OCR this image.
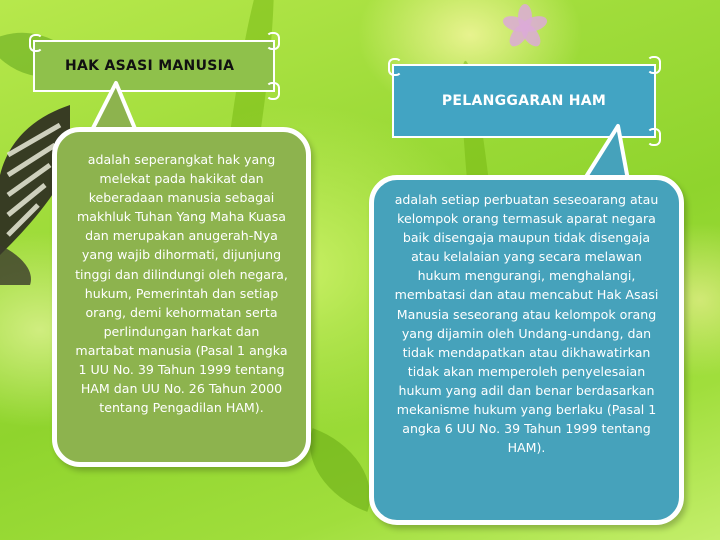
HAK ASASI MANUSIA
adalah seperangkat hak yang melekat pada hakikat dan keberadaan manusia sebagai makhluk Tuhan Yang Maha Kuasa dan merupakan anugerah-Nya yang wajib dihormati, dijunjung tinggi dan dilindungi oleh negara, hukum, Pemerintah dan setiap orang, demi kehormatan serta perlindungan harkat dan martabat manusia (Pasal 1 angka 1 UU No. 39 Tahun 1999 tentang HAM dan UU No. 26 Tahun 2000 tentang Pengadilan HAM).
PELANGGARAN HAM
adalah setiap perbuatan seseoarang atau kelompok orang termasuk aparat negara baik disengaja maupun tidak disengaja atau kelalaian yang secara melawan hukum mengurangi, menghalangi, membatasi dan atau mencabut Hak Asasi Manusia seseorang atau kelompok orang yang dijamin oleh Undang-undang, dan tidak mendapatkan atau dikhawatirkan tidak akan memperoleh penyelesaian hukum yang adil dan benar berdasarkan mekanisme hukum yang berlaku (Pasal 1 angka 6 UU No. 39 Tahun 1999 tentang HAM).
